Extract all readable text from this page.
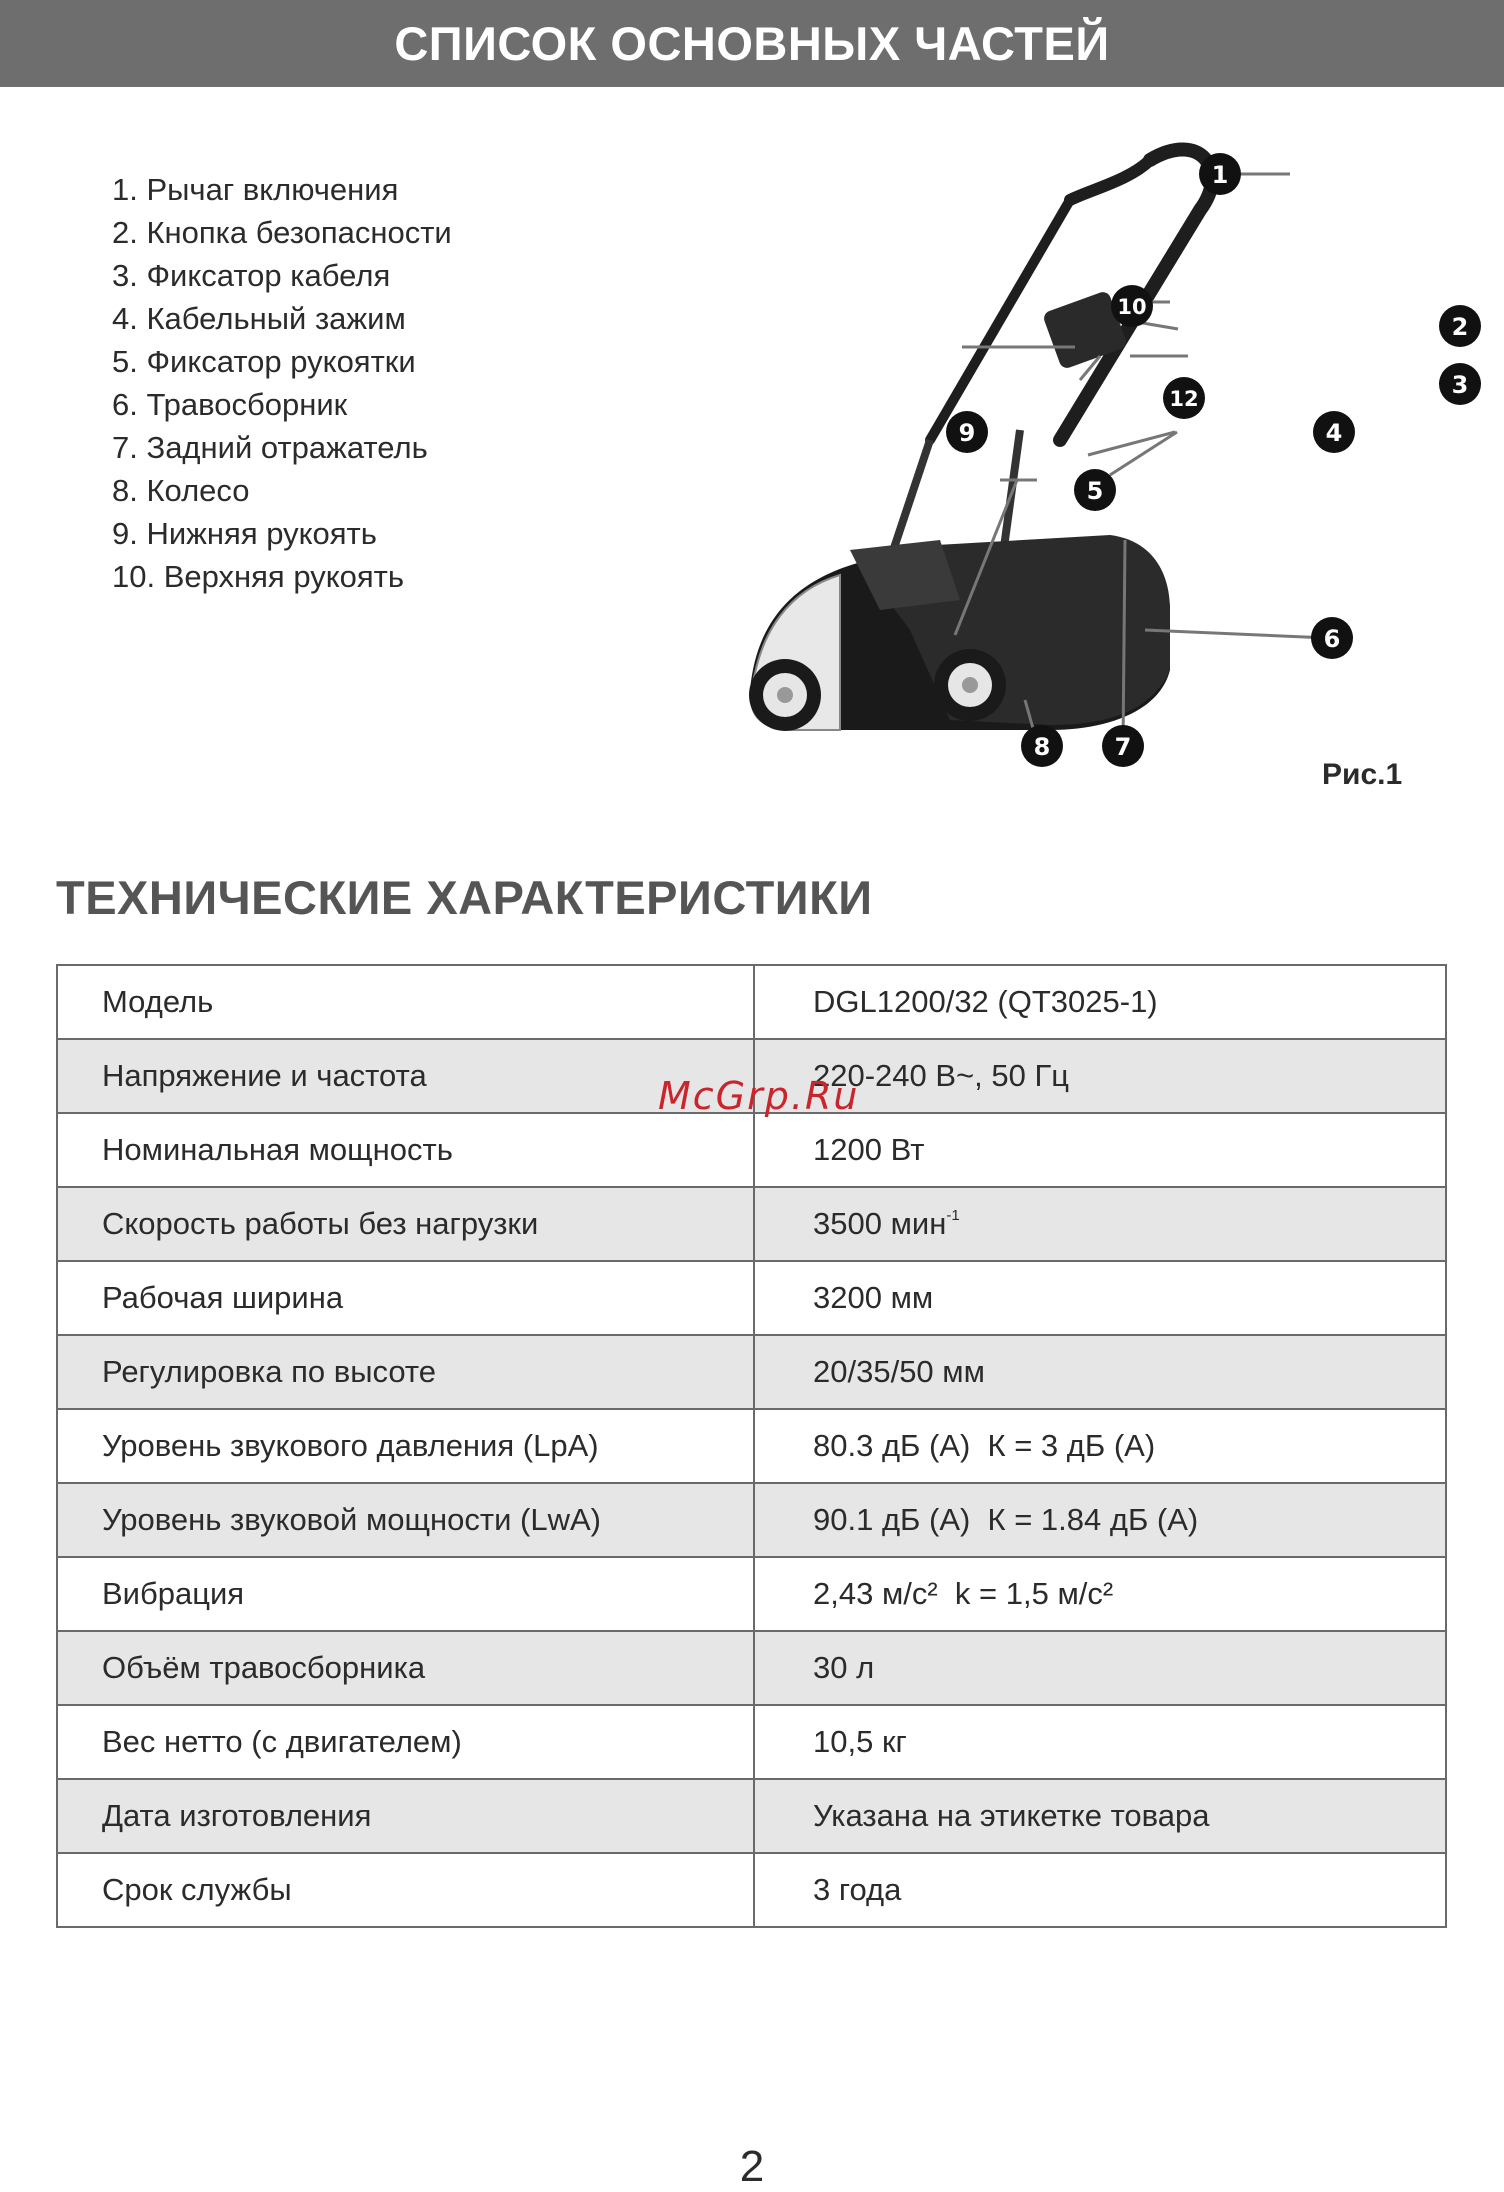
СПИСОК ОСНОВНЫХ ЧАСТЕЙ
1. Рычаг включения
2. Кнопка безопасности
3. Фиксатор кабеля
4. Кабельный зажим
5. Фиксатор рукоятки
6. Травосборник
7. Задний отражатель
8. Колесо
9. Нижняя рукоять
10. Верхняя рукоять
1
2
3
4
5
6
7
8
9
10
12
Рис.1
ТЕХНИЧЕСКИЕ ХАРАКТЕРИСТИКИ
Модель	DGL1200/32 (QT3025-1)
Напряжение и частота	220-240 В~, 50 Гц
Номинальная мощность	1200 Вт
Скорость работы без нагрузки	3500 мин$^{-1}$
Рабочая ширина	3200 мм
Регулировка по высоте	20/35/50 мм
Уровень звукового давления (LpA)	80.3 дБ (А)  К = 3 дБ (А)
Уровень звуковой мощности (LwA)	90.1 дБ (А)  К = 1.84 дБ (А)
Вибрация	2,43 м/с²  k = 1,5 м/с²
Объём травосборника	30 л
Вес нетто (с двигателем)	10,5 кг
Дата изготовления	Указана на этикетке товара
Срок службы	3 года
McGrp.Ru
2
